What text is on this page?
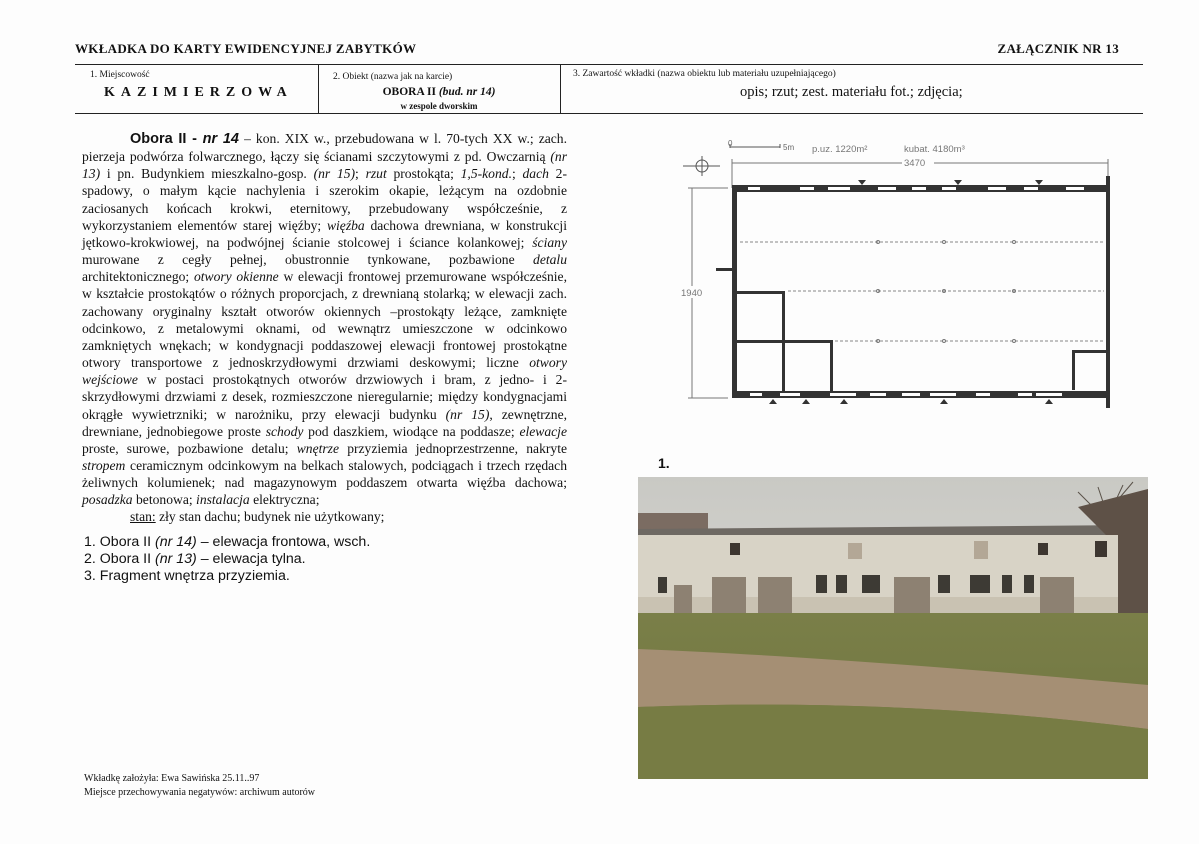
WKŁADKA DO KARTY EWIDENCYJNEJ ZABYTKÓW	ZAŁĄCZNIK NR 13
1. Miejscowość
KAZIMIERZOWA
2. Obiekt (nazwa jak na karcie)
OBORA II (bud. nr 14)
w zespole dworskim
3. Zawartość wkładki (nazwa obiektu lub materiału uzupełniającego)
opis; rzut; zest. materiału fot.; zdjęcia;

Obora II - nr 14 – kon. XIX w., przebudowana w l. 70-tych XX w.; zach. pierzeja podwórza folwarcznego, łączy się ścianami szczytowymi z pd. Owczarnią (nr 13) i pn. Budynkiem mieszkalno-gosp. (nr 15); rzut prostokąta; 1,5-kond.; dach 2-spadowy, o małym kącie nachylenia i szerokim okapie, leżącym na ozdobnie zaciosanych końcach krokwi, eternitowy, przebudowany współcześnie, z wykorzystaniem elementów starej więźby; więźba dachowa drewniana, w konstrukcji jętkowo-krokwiowej, na podwójnej ścianie stolcowej i ściance kolankowej; ściany murowane z cegły pełnej, obustronnie tynkowane, pozbawione detalu architektonicznego; otwory okienne w elewacji frontowej przemurowane współcześnie, w kształcie prostokątów o różnych proporcjach, z drewnianą stolarką; w elewacji zach. zachowany oryginalny kształt otworów okiennych –prostokąty leżące, zamknięte odcinkowo, z metalowymi oknami, od wewnątrz umieszczone w odcinkowo zamkniętych wnękach; w kondygnacji poddaszowej elewacji frontowej prostokątne otwory transportowe z jednoskrzydłowymi drzwiami deskowymi; liczne otwory wejściowe w postaci prostokątnych otworów drzwiowych i bram, z jedno- i 2-skrzydłowymi drzwiami z desek, rozmieszczone nieregularnie; między kondygnacjami okrągłe wywietrzniki; w narożniku, przy elewacji budynku (nr 15), zewnętrzne, drewniane, jednobiegowe proste schody pod daszkiem, wiodące na poddasze; elewacje proste, surowe, pozbawione detalu; wnętrze przyziemia jednoprzestrzenne, nakryte stropem ceramicznym odcinkowym na belkach stalowych, podciągach i trzech rzędach żeliwnych kolumienek; nad magazynowym poddaszem otwarta więźba dachowa; posadzka betonowa; instalacja elektryczna;

stan: zły stan dachu; budynek nie użytkowany;

1. Obora II (nr 14) – elewacja frontowa, wsch.
2. Obora II (nr 13) – elewacja tylna.
3. Fragment wnętrza przyziemia.
Wkładkę założyła: Ewa Sawińska 25.11..97
Miejsce przechowywania negatywów: archiwum autorów
0	5m p.uz. 1220m²	kubat. 4180m³
3470
1940
1.
